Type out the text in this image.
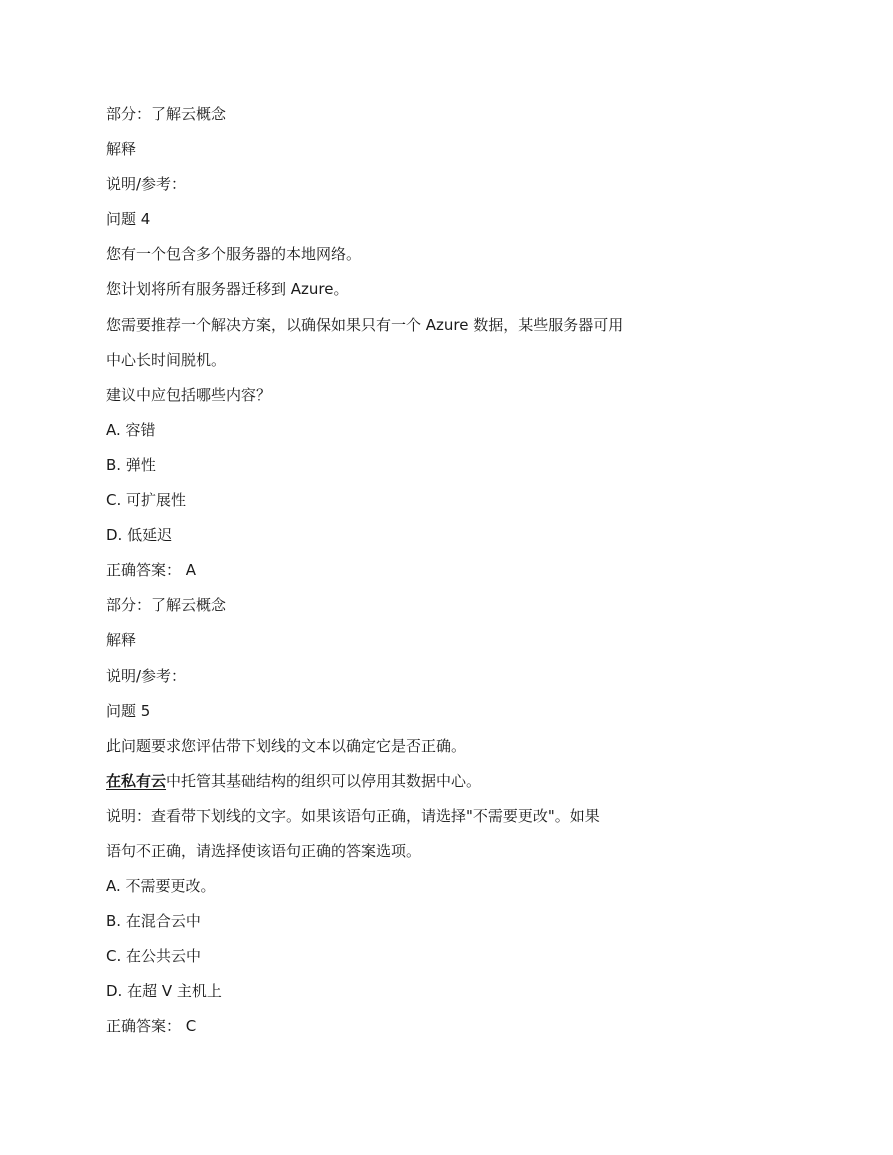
部分：了解云概念
解释
说明/参考：
问题 4
您有一个包含多个服务器的本地网络。
您计划将所有服务器迁移到 Azure。
您需要推荐一个解决方案，以确保如果只有一个 Azure 数据，某些服务器可用
中心长时间脱机。
建议中应包括哪些内容？
A. 容错
B. 弹性
C. 可扩展性
D. 低延迟
正确答案： A
部分：了解云概念
解释
说明/参考：
问题 5
此问题要求您评估带下划线的文本以确定它是否正确。
在私有云中托管其基础结构的组织可以停用其数据中心。
说明：查看带下划线的文字。如果该语句正确，请选择"不需要更改"。如果
语句不正确，请选择使该语句正确的答案选项。
A. 不需要更改。
B. 在混合云中
C. 在公共云中
D. 在超 V 主机上
正确答案： C
